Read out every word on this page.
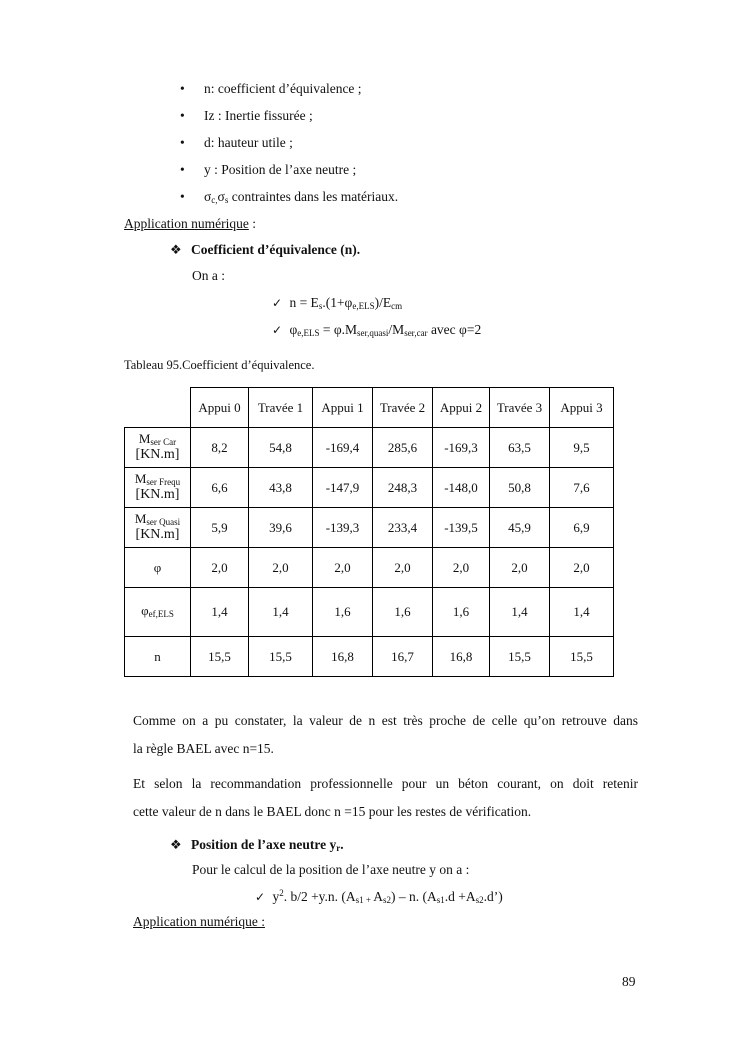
• n: coefficient d’équivalence ;
• Iz : Inertie fissurée ;
• d: hauteur utile ;
• y : Position de l’axe neutre ;
• $\sigma_{c,}\sigma_s$ contraintes dans les matériaux.
Application numérique :
❖ Coefficient d’équivalence (n).
On a :
✓ $n = E_s.(1+\varphi_{e,ELS})/E_{cm}$
✓ $\varphi_{e,ELS} = \varphi.M_{ser,quasi}/M_{ser,car}$ avec φ=2
Tableau 95.Coefficient d’équivalence.
	Appui 0	Travée 1	Appui 1	Travée 2	Appui 2	Travée 3	Appui 3

$M_{ser Car}$
[KN.m]	8,2	54,8	-169,4	285,6	-169,3	63,5	9,5

$M_{ser Frequ}$
[KN.m]	6,6	43,8	-147,9	248,3	-148,0	50,8	7,6

$M_{ser Quasi}$
[KN.m]	5,9	39,6	-139,3	233,4	-139,5	45,9	6,9
φ	2,0	2,0	2,0	2,0	2,0	2,0	2,0
$\varphi_{ef,ELS}$	1,4	1,4	1,6	1,6	1,6	1,4	1,4
n	15,5	15,5	16,8	16,7	16,8	15,5	15,5
Comme on a pu constater, la valeur de n est très proche de celle qu’on retrouve dans
la règle BAEL avec n=15.
Et selon la recommandation professionnelle pour un béton courant, on doit retenir
cette valeur de n dans le BAEL donc n =15 pour les restes de vérification.
❖ Position de l’axe neutre $y_r$.
Pour le calcul de la position de l’axe neutre y on a :
✓ $y^2$. b/2 +y.n. ($A_{s1 +}$ $A_{s2}$) – n. ($A_{s1}.d$ $+A_{s2}.d$’)
Application numérique :
89
